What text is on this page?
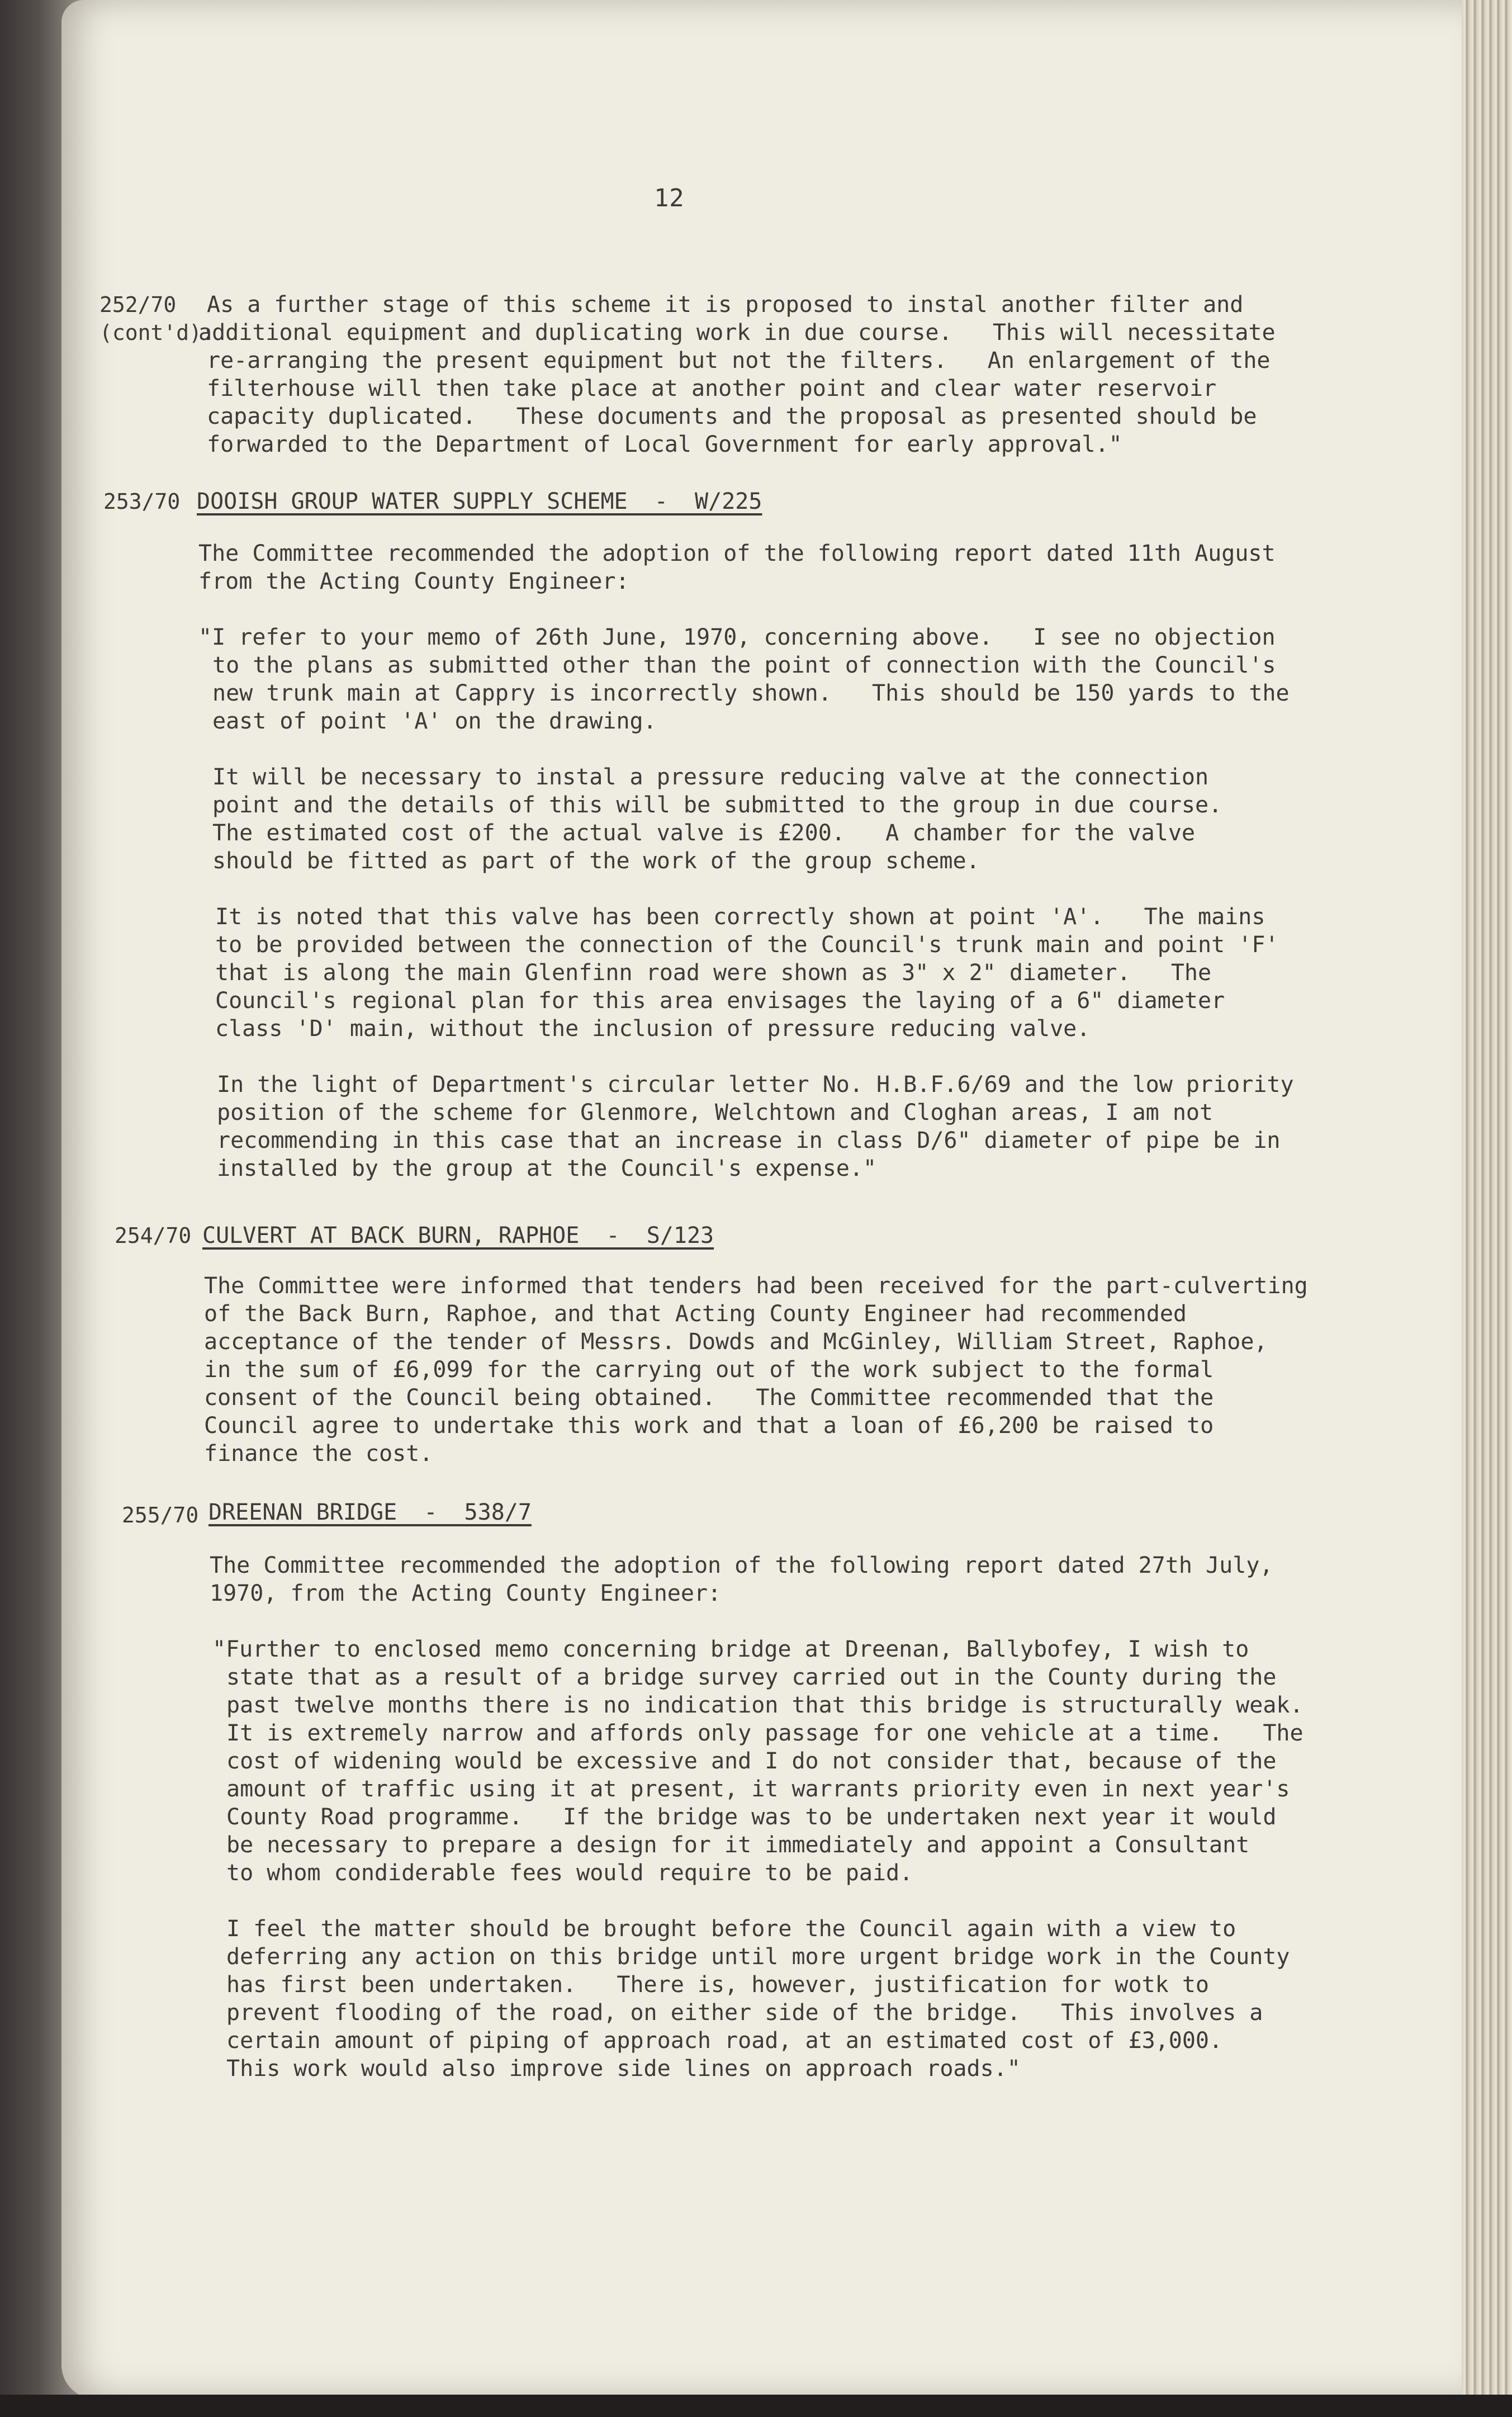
12
252/70
(cont'd):
As a further stage of this scheme it is proposed to instal another filter and
additional equipment and duplicating work in due course.   This will necessitate
re-arranging the present equipment but not the filters.   An enlargement of the
filterhouse will then take place at another point and clear water reservoir
capacity duplicated.   These documents and the proposal as presented should be
forwarded to the Department of Local Government for early approval."
253/70 DOOISH GROUP WATER SUPPLY SCHEME  -  W/225
The Committee recommended the adoption of the following report dated 11th August
from the Acting County Engineer:
"I refer to your memo of 26th June, 1970, concerning above.   I see no objection
to the plans as submitted other than the point of connection with the Council's
new trunk main at Cappry is incorrectly shown.   This should be 150 yards to the
east of point 'A' on the drawing.
It will be necessary to instal a pressure reducing valve at the connection
point and the details of this will be submitted to the group in due course.
The estimated cost of the actual valve is £200.   A chamber for the valve
should be fitted as part of the work of the group scheme.
It is noted that this valve has been correctly shown at point 'A'.   The mains
to be provided between the connection of the Council's trunk main and point 'F'
that is along the main Glenfinn road were shown as 3" x 2" diameter.   The
Council's regional plan for this area envisages the laying of a 6" diameter
class 'D' main, without the inclusion of pressure reducing valve.
In the light of Department's circular letter No. H.B.F.6/69 and the low priority
position of the scheme for Glenmore, Welchtown and Cloghan areas, I am not
recommending in this case that an increase in class D/6" diameter of pipe be in
installed by the group at the Council's expense."
254/70 CULVERT AT BACK BURN, RAPHOE  -  S/123
The Committee were informed that tenders had been received for the part-culverting
of the Back Burn, Raphoe, and that Acting County Engineer had recommended
acceptance of the tender of Messrs. Dowds and McGinley, William Street, Raphoe,
in the sum of £6,099 for the carrying out of the work subject to the formal
consent of the Council being obtained.   The Committee recommended that the
Council agree to undertake this work and that a loan of £6,200 be raised to
finance the cost.
255/70 DREENAN BRIDGE  -  538/7
The Committee recommended the adoption of the following report dated 27th July,
1970, from the Acting County Engineer:
"Further to enclosed memo concerning bridge at Dreenan, Ballybofey, I wish to
state that as a result of a bridge survey carried out in the County during the
past twelve months there is no indication that this bridge is structurally weak.
It is extremely narrow and affords only passage for one vehicle at a time.   The
cost of widening would be excessive and I do not consider that, because of the
amount of traffic using it at present, it warrants priority even in next year's
County Road programme.   If the bridge was to be undertaken next year it would
be necessary to prepare a design for it immediately and appoint a Consultant
to whom condiderable fees would require to be paid.
I feel the matter should be brought before the Council again with a view to
deferring any action on this bridge until more urgent bridge work in the County
has first been undertaken.   There is, however, justification for wotk to
prevent flooding of the road, on either side of the bridge.   This involves a
certain amount of piping of approach road, at an estimated cost of £3,000.
This work would also improve side lines on approach roads."
